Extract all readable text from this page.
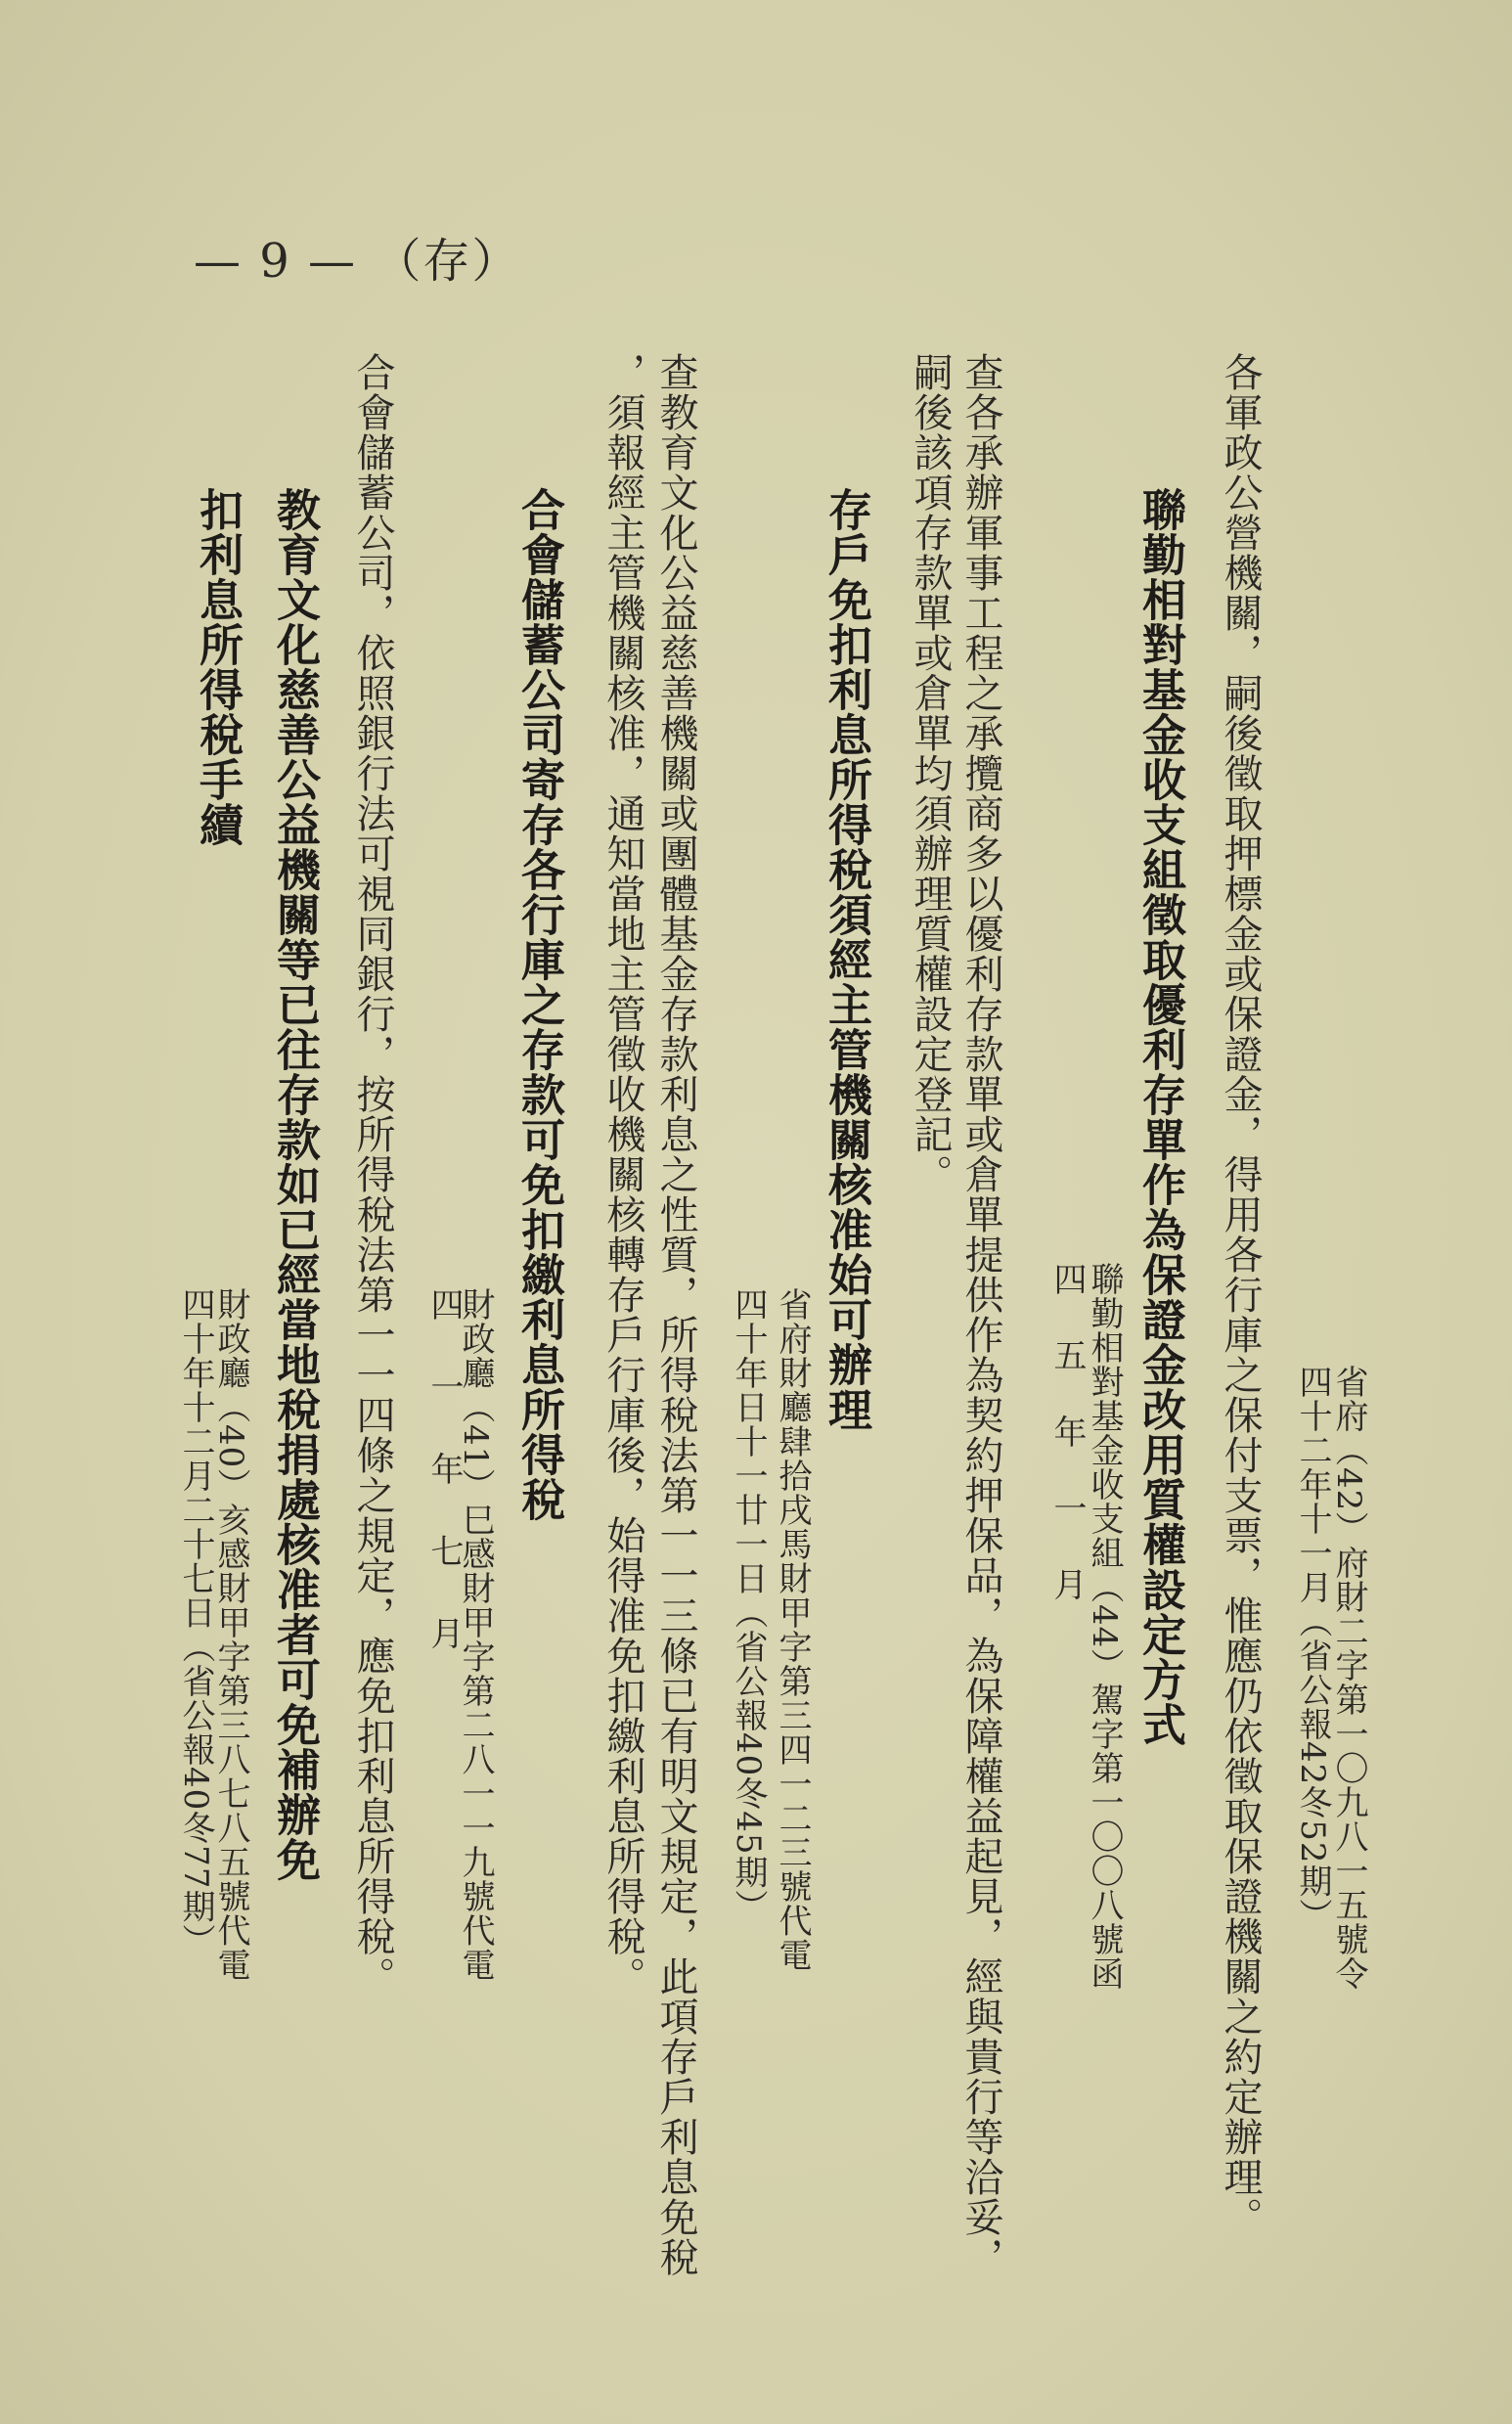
— 9 — （存）
各軍政公營機關，嗣後徵取押標金或保證金，得用各行庫之保付支票，惟應仍依徵取保證機關之約定辦理。 省府（42）府財二字第一〇九八一五號令
四十二年十一月（省公報42冬52期）
聯勤相對基金收支組徵取優利存單作為保證金改用質權設定方式
聯勤相對基金收支組（44）駕字第一〇〇八號函
四五年一月
查各承辦軍事工程之承攬商多以優利存款單或倉單提供作為契約押保品，為保障權益起見，經與貴行等洽妥，
嗣後該項存款單或倉單均須辦理質權設定登記。
存戶免扣利息所得稅須經主管機關核准始可辦理
省府財廳肆拾戌馬財甲字第三四一二三號代電
四十年日十一廿一日（省公報40冬45期）
查教育文化公益慈善機關或團體基金存款利息之性質，所得稅法第一一三條已有明文規定，此項存戶利息免稅
，須報經主管機關核准，通知當地主管徵收機關核轉存戶行庫後，始得准免扣繳利息所得稅。
合會儲蓄公司寄存各行庫之存款可免扣繳利息所得稅
財政廳（41）巳感財甲字第二八一一九號代電
四一年七月
合會儲蓄公司，依照銀行法可視同銀行，按所得稅法第一一四條之規定，應免扣利息所得稅。
教育文化慈善公益機關等已往存款如已經當地稅捐處核准者可免補辦免
扣利息所得稅手續
財政廳（40）亥感財甲字第三八七八五號代電
四十年十二月二十七日（省公報40冬77期）
